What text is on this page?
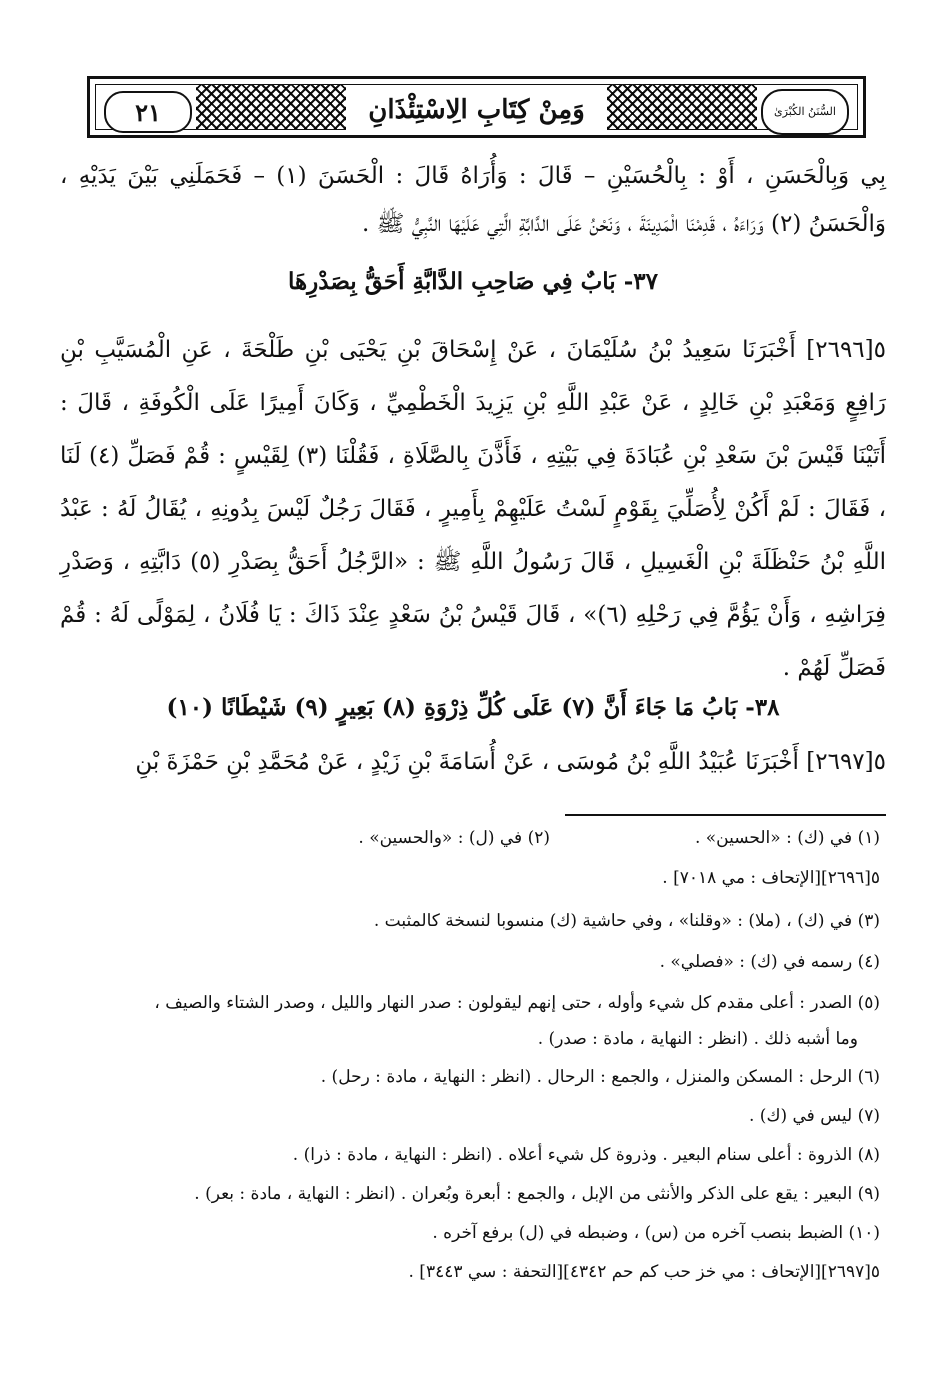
وَمِنْ كِتَابِ الِاسْتِئْذَانِ
٢١	السُّنَنُ الكُبْرَىٰ
بِي وَبِالْحَسَنِ ، أَوْ : بِالْحُسَيْنِ – قَالَ : وَأُرَاهُ قَالَ : الْحَسَنَ (١) – فَحَمَلَنِي بَيْنَ يَدَيْهِ ، وَالْحَسَنُ (٢) وَرَاءَهُ ، قَدِمْنَا الْمَدِينَةَ ، وَنَحْنُ عَلَى الدَّابَّةِ الَّتِي عَلَيْهَا النَّبِيُّ ﷺ .
٣٧- بَابٌ فِي صَاحِبِ الدَّابَّةِ أَحَقُّ بِصَدْرِهَا
٥[٢٦٩٦] أَخْبَرَنَا سَعِيدُ بْنُ سُلَيْمَانَ ، عَنْ إِسْحَاقَ بْنِ يَحْيَى بْنِ طَلْحَةَ ، عَنِ الْمُسَيَّبِ بْنِ رَافِعٍ وَمَعْبَدِ بْنِ خَالِدٍ ، عَنْ عَبْدِ اللَّهِ بْنِ يَزِيدَ الْخَطْمِيِّ ، وَكَانَ أَمِيرًا عَلَى الْكُوفَةِ ، قَالَ : أَتَيْنَا قَيْسَ بْنَ سَعْدِ بْنِ عُبَادَةَ فِي بَيْتِهِ ، فَأَذَّنَ بِالصَّلَاةِ ، فَقُلْنَا (٣) لِقَيْسٍ : قُمْ فَصَلِّ (٤) لَنَا ، فَقَالَ : لَمْ أَكُنْ لِأُصَلِّيَ بِقَوْمٍ لَسْتُ عَلَيْهِمْ بِأَمِيرٍ ، فَقَالَ رَجُلٌ لَيْسَ بِدُونِهِ ، يُقَالُ لَهُ : عَبْدُ اللَّهِ بْنُ حَنْظَلَةَ بْنِ الْغَسِيلِ ، قَالَ رَسُولُ اللَّهِ ﷺ : «الرَّجُلُ أَحَقُّ بِصَدْرِ (٥) دَابَّتِهِ ، وَصَدْرِ فِرَاشِهِ ، وَأَنْ يَؤُمَّ فِي رَحْلِهِ (٦)» ، قَالَ قَيْسُ بْنُ سَعْدٍ عِنْدَ ذَاكَ : يَا فُلَانُ ، لِمَوْلًى لَهُ : قُمْ فَصَلِّ لَهُمْ .
٣٨- بَابُ مَا جَاءَ أَنَّ (٧) عَلَى كُلِّ ذِرْوَةِ (٨) بَعِيرٍ (٩) شَيْطَانًا (١٠)
٥[٢٦٩٧] أَخْبَرَنَا عُبَيْدُ اللَّهِ بْنُ مُوسَى ، عَنْ أُسَامَةَ بْنِ زَيْدٍ ، عَنْ مُحَمَّدِ بْنِ حَمْزَةَ بْنِ
(١) في (ك) : «الحسين» .
(٢) في (ل) : «والحسين» .
٥[٢٦٩٦][الإتحاف : مي ٧٠١٨] .
(٣) في (ك) ، (ملا) : «وقلنا» ، وفي حاشية (ك) منسوبا لنسخة كالمثبت .
(٤) رسمه في (ك) : «فصلي» .
(٥) الصدر : أعلى مقدم كل شيء وأوله ، حتى إنهم ليقولون : صدر النهار والليل ، وصدر الشتاء والصيف ،
وما أشبه ذلك . (انظر : النهاية ، مادة : صدر) .
(٦) الرحل : المسكن والمنزل ، والجمع : الرحال . (انظر : النهاية ، مادة : رحل) .
(٧) ليس في (ك) .
(٨) الذروة : أعلى سنام البعير . وذروة كل شيء أعلاه . (انظر : النهاية ، مادة : ذرا) .
(٩) البعير : يقع على الذكر والأنثى من الإبل ، والجمع : أبعرة وبُعران . (انظر : النهاية ، مادة : بعر) .
(١٠) الضبط بنصب آخره من (س) ، وضبطه في (ل) برفع آخره .
٥[٢٦٩٧][الإتحاف : مي خز حب كم حم ٤٣٤٢][التحفة : سي ٣٤٤٣] .
